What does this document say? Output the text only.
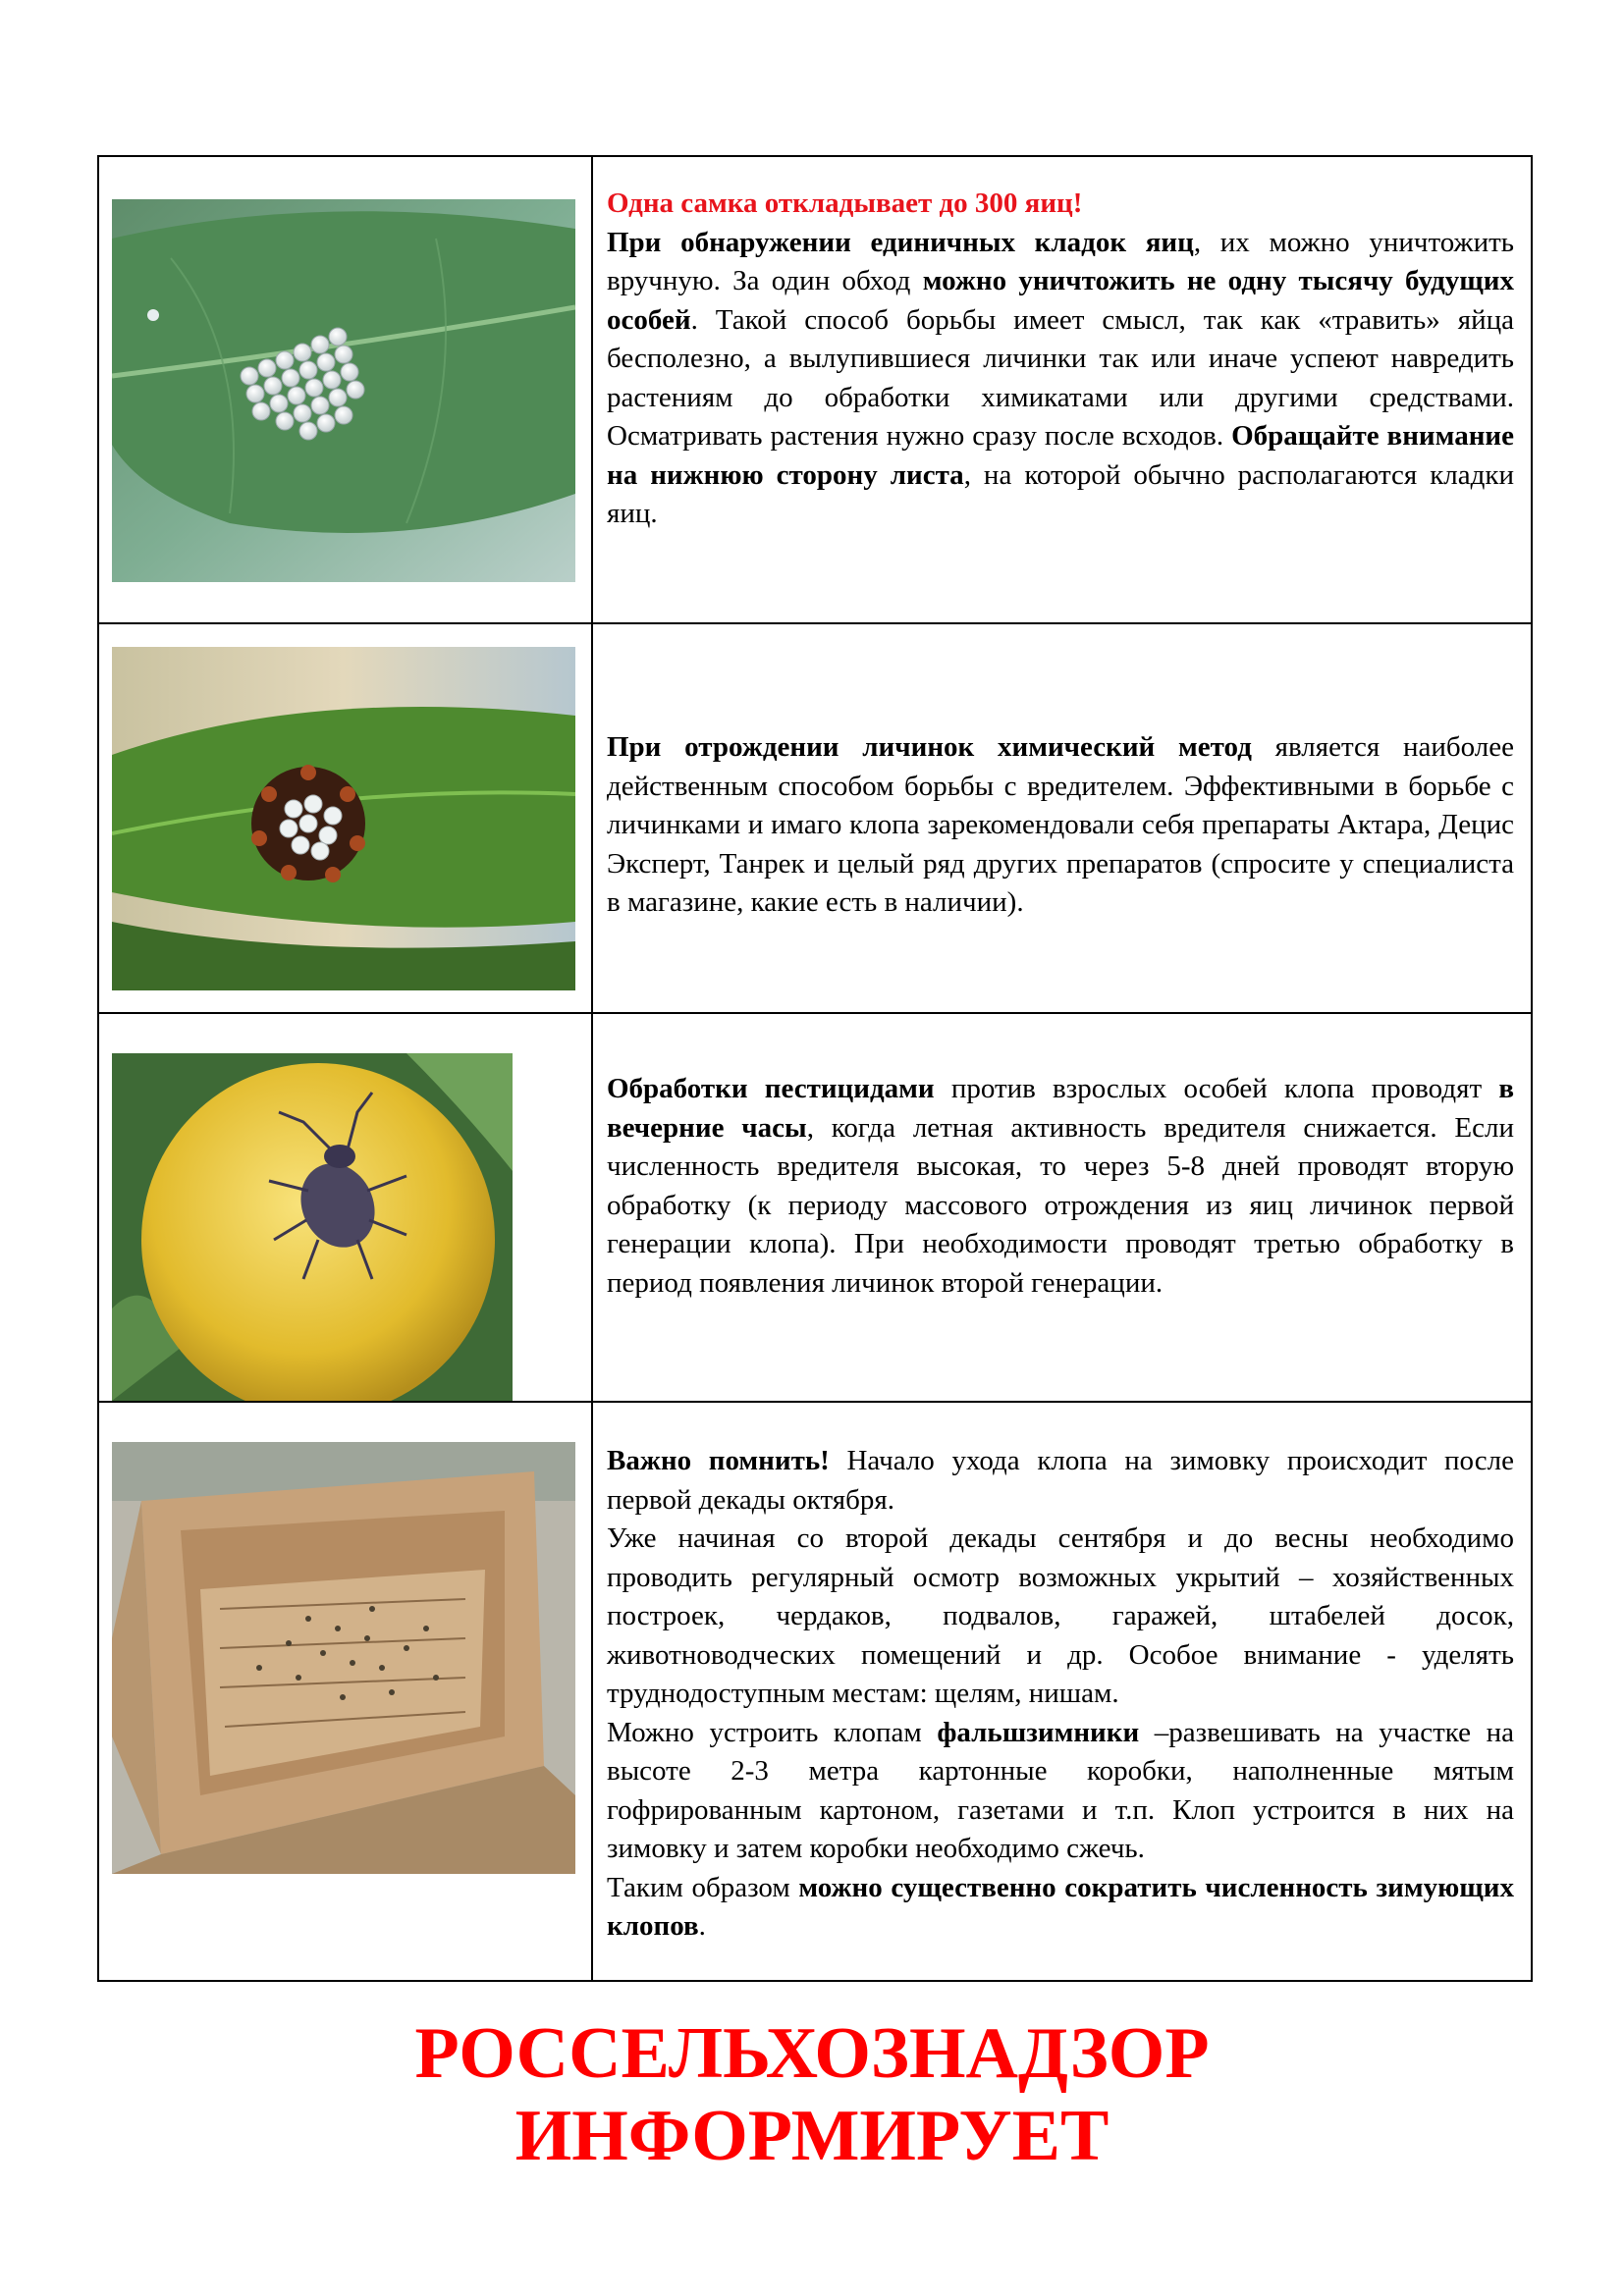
Одна самка откладывает до 300 яиц!

При обнаружении единичных кладок яиц, их можно уничтожить вручную. За один обход можно уничтожить не одну тысячу будущих особей. Такой способ борьбы имеет смысл, так как «травить» яйца бесполезно, а вылупившиеся личинки так или иначе успеют навредить растениям до обработки химикатами или другими средствами. Осматривать растения нужно сразу после всходов. Обращайте внимание на нижнюю сторону листа, на которой обычно располагаются кладки яиц.

При отрождении личинок химический метод является наиболее действенным способом борьбы с вредителем. Эффективными в борьбе с личинками и имаго клопа зарекомендовали себя препараты Актара, Децис Эксперт, Танрек и целый ряд других препаратов (спросите у специалиста в магазине, какие есть в наличии).

Обработки пестицидами против взрослых особей клопа проводят в вечерние часы, когда летная активность вредителя снижается. Если численность вредителя высокая, то через 5-8 дней проводят вторую обработку (к периоду массового отрождения из яиц личинок первой генерации клопа). При необходимости проводят третью обработку в период появления личинок второй генерации.

Важно помнить! Начало ухода клопа на зимовку происходит после первой декады октября.

Уже начиная со второй декады сентября и до весны необходимо проводить регулярный осмотр возможных укрытий – хозяйственных построек, чердаков, подвалов, гаражей, штабелей досок, животноводческих помещений и др. Особое внимание - уделять труднодоступным местам: щелям, нишам.

Можно устроить клопам фальшзимники –развешивать на участке на высоте 2-3 метра картонные коробки, наполненные мятым гофрированным картоном, газетами и т.п. Клоп устроится в них на зимовку и затем коробки необходимо сжечь.

Таким образом можно существенно сократить численность зимующих клопов.

РОССЕЛЬХОЗНАДЗОР
ИНФОРМИРУЕТ
